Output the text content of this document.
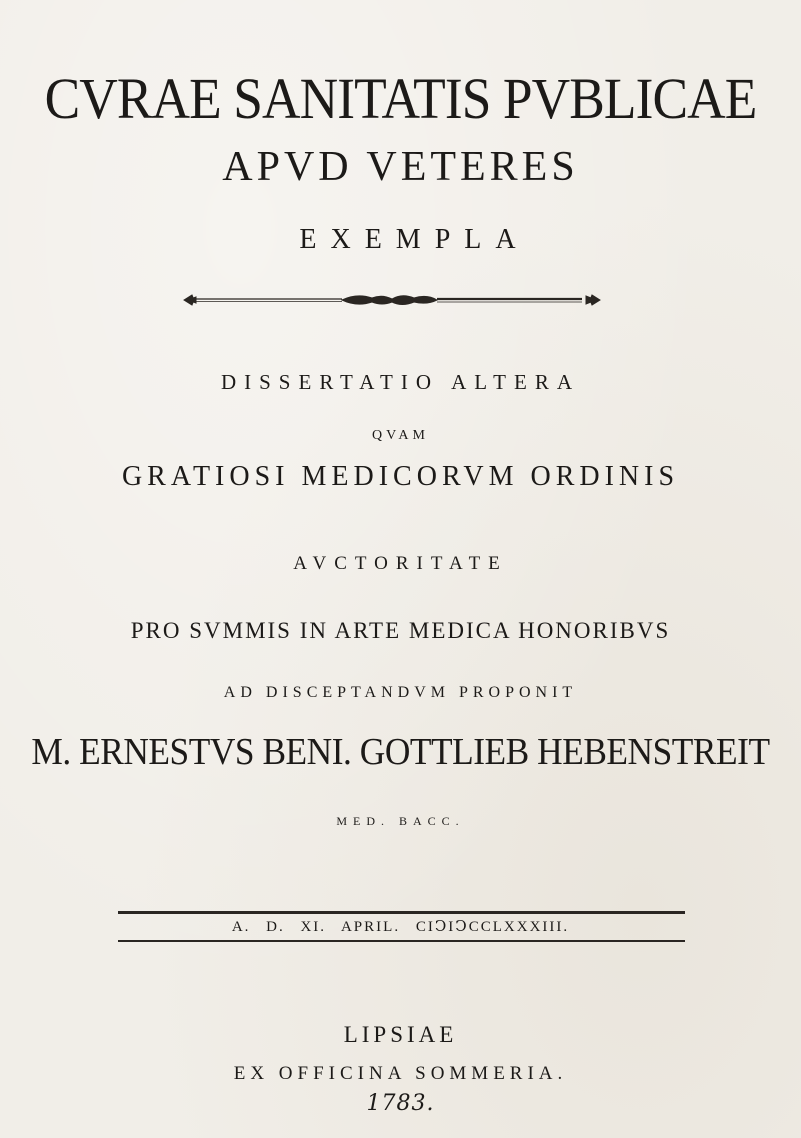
CVRAE SANITATIS PVBLICAE
APVD VETERES
EXEMPLA
DISSERTATIO ALTERA
QVAM
GRATIOSI MEDICORVM ORDINIS
AVCTORITATE
PRO SVMMIS IN ARTE MEDICA HONORIBVS
AD DISCEPTANDVM PROPONIT
M. ERNESTVS BENI. GOTTLIEB HEBENSTREIT
MED. BACC.
A. D. XI. APRIL. CIↃIↃCCLXXXIII.
LIPSIAE
EX OFFICINA SOMMERIA.
1783.
